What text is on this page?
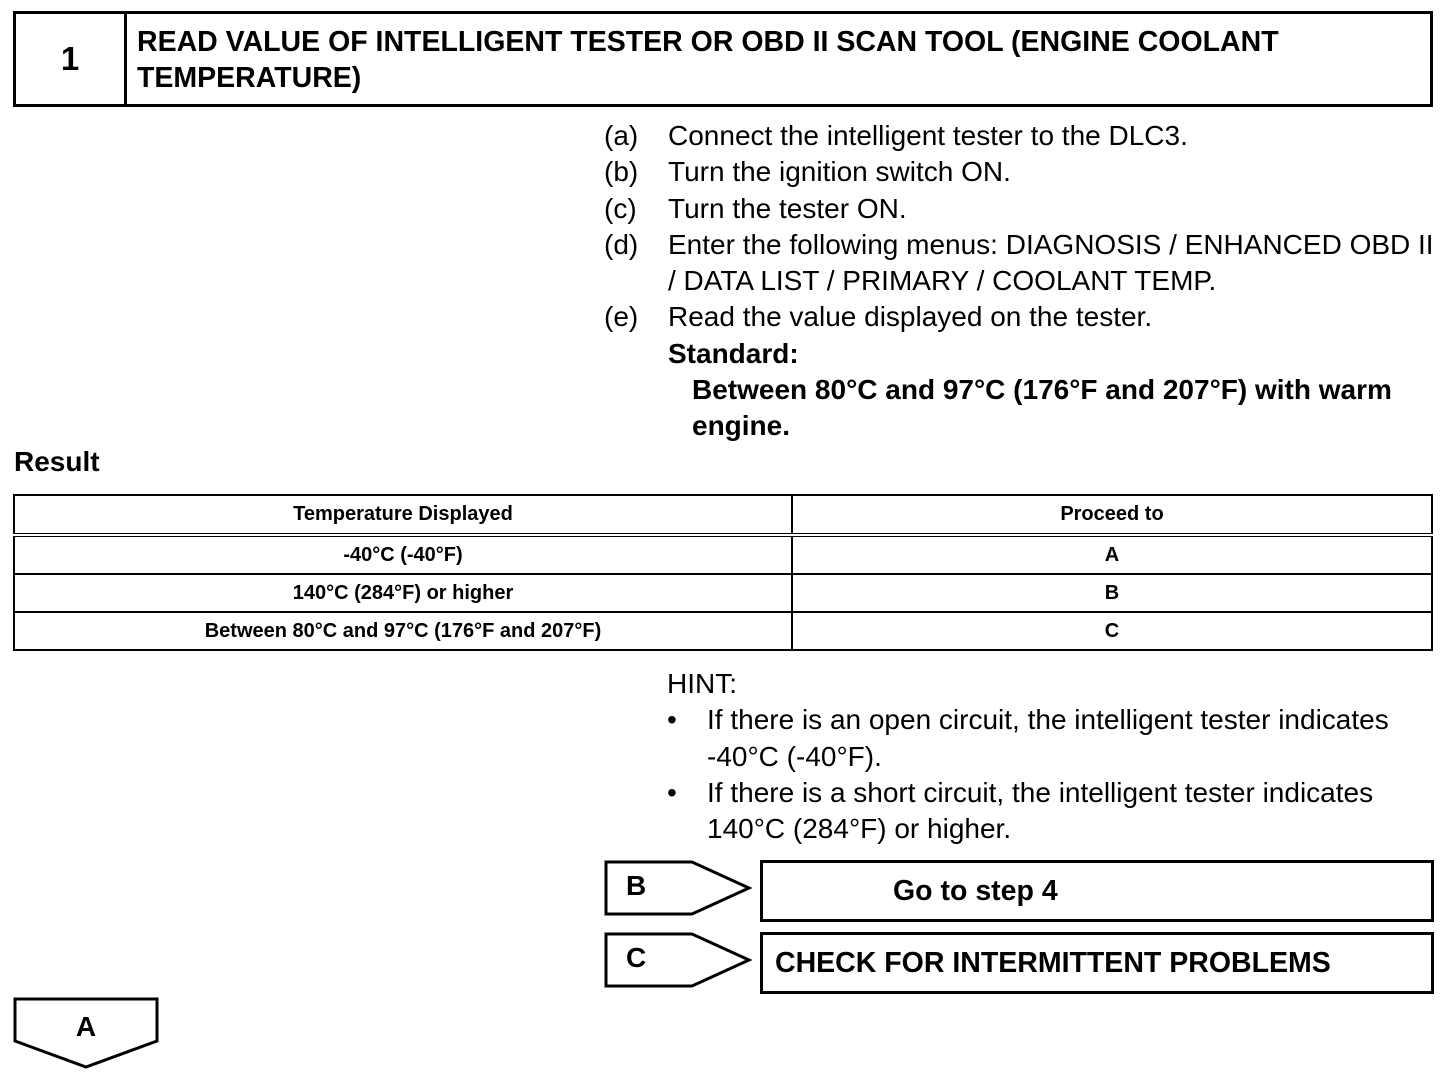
1	READ VALUE OF INTELLIGENT TESTER OR OBD II SCAN TOOL (ENGINE COOLANT TEMPERATURE)
(a)	Connect the intelligent tester to the DLC3.
(b)	Turn the ignition switch ON.
(c)	Turn the tester ON.
(d)	Enter the following menus: DIAGNOSIS / ENHANCED OBD II / DATA LIST / PRIMARY / COOLANT TEMP.
(e)	Read the value displayed on the tester.
Standard:
Between 80°C and 97°C (176°F and 207°F) with warm engine.
Result
Temperature Displayed	Proceed to
-40°C (-40°F)	A
140°C (284°F) or higher	B
Between 80°C and 97°C (176°F and 207°F)	C
HINT:
•	If there is an open circuit, the intelligent tester indicates -40°C (-40°F).
•	If there is a short circuit, the intelligent tester indicates 140°C (284°F) or higher.
B	Go to step 4
C	CHECK FOR INTERMITTENT PROBLEMS
A
